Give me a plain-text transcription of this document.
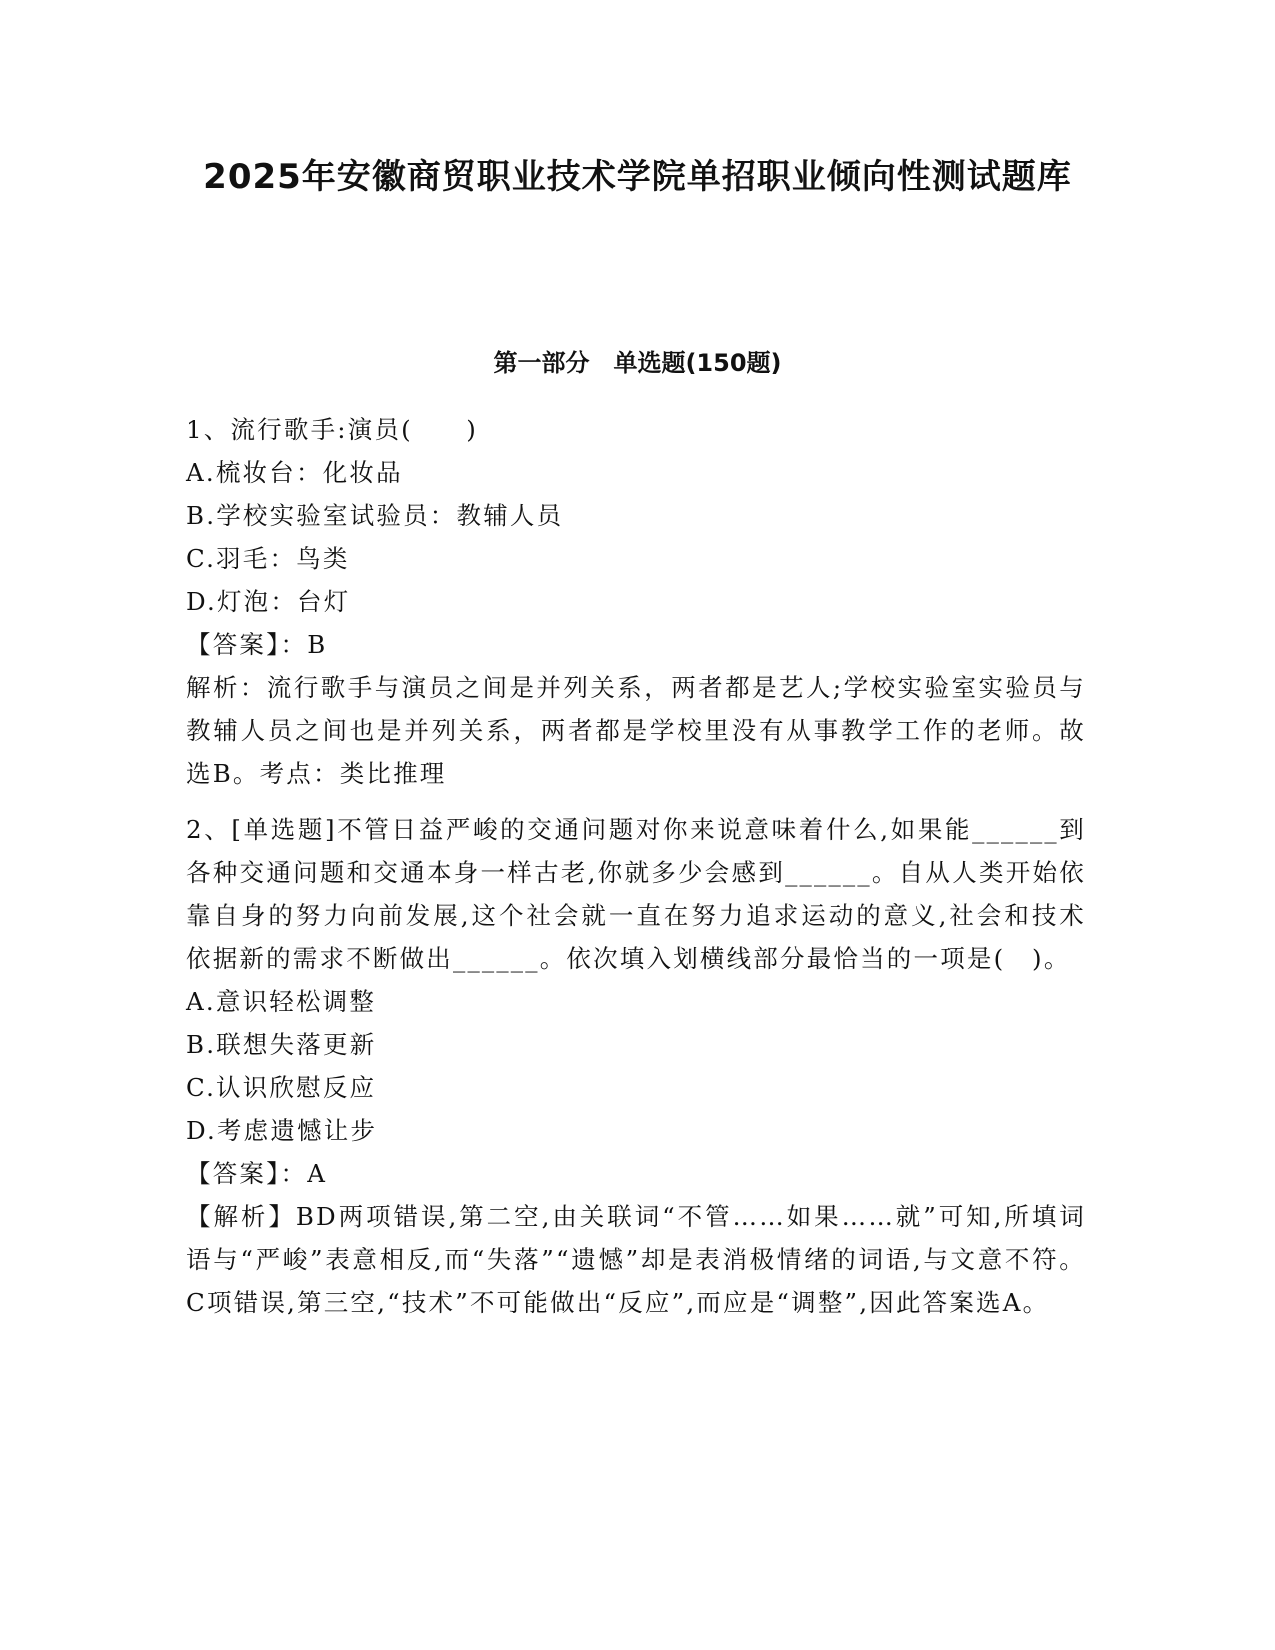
2025年安徽商贸职业技术学院单招职业倾向性测试题库
第一部分　单选题(150题)

1、流行歌手:演员(　　)

A.梳妆台：化妆品

B.学校实验室试验员：教辅人员

C.羽毛：鸟类

D.灯泡：台灯

【答案】：B

解析：流行歌手与演员之间是并列关系，两者都是艺人;学校实验室实验员与教辅人员之间也是并列关系，两者都是学校里没有从事教学工作的老师。故选B。考点：类比推理

2、[单选题]不管日益严峻的交通问题对你来说意味着什么,如果能______到各种交通问题和交通本身一样古老,你就多少会感到______。自从人类开始依靠自身的努力向前发展,这个社会就一直在努力追求运动的意义,社会和技术依据新的需求不断做出______。依次填入划横线部分最恰当的一项是(　)。

A.意识轻松调整

B.联想失落更新

C.认识欣慰反应

D.考虑遗憾让步

【答案】：A

【解析】BD两项错误,第二空,由关联词“不管……如果……就”可知,所填词语与“严峻”表意相反,而“失落”“遗憾”却是表消极情绪的词语,与文意不符。C项错误,第三空,“技术”不可能做出“反应”,而应是“调整”,因此答案选A。
